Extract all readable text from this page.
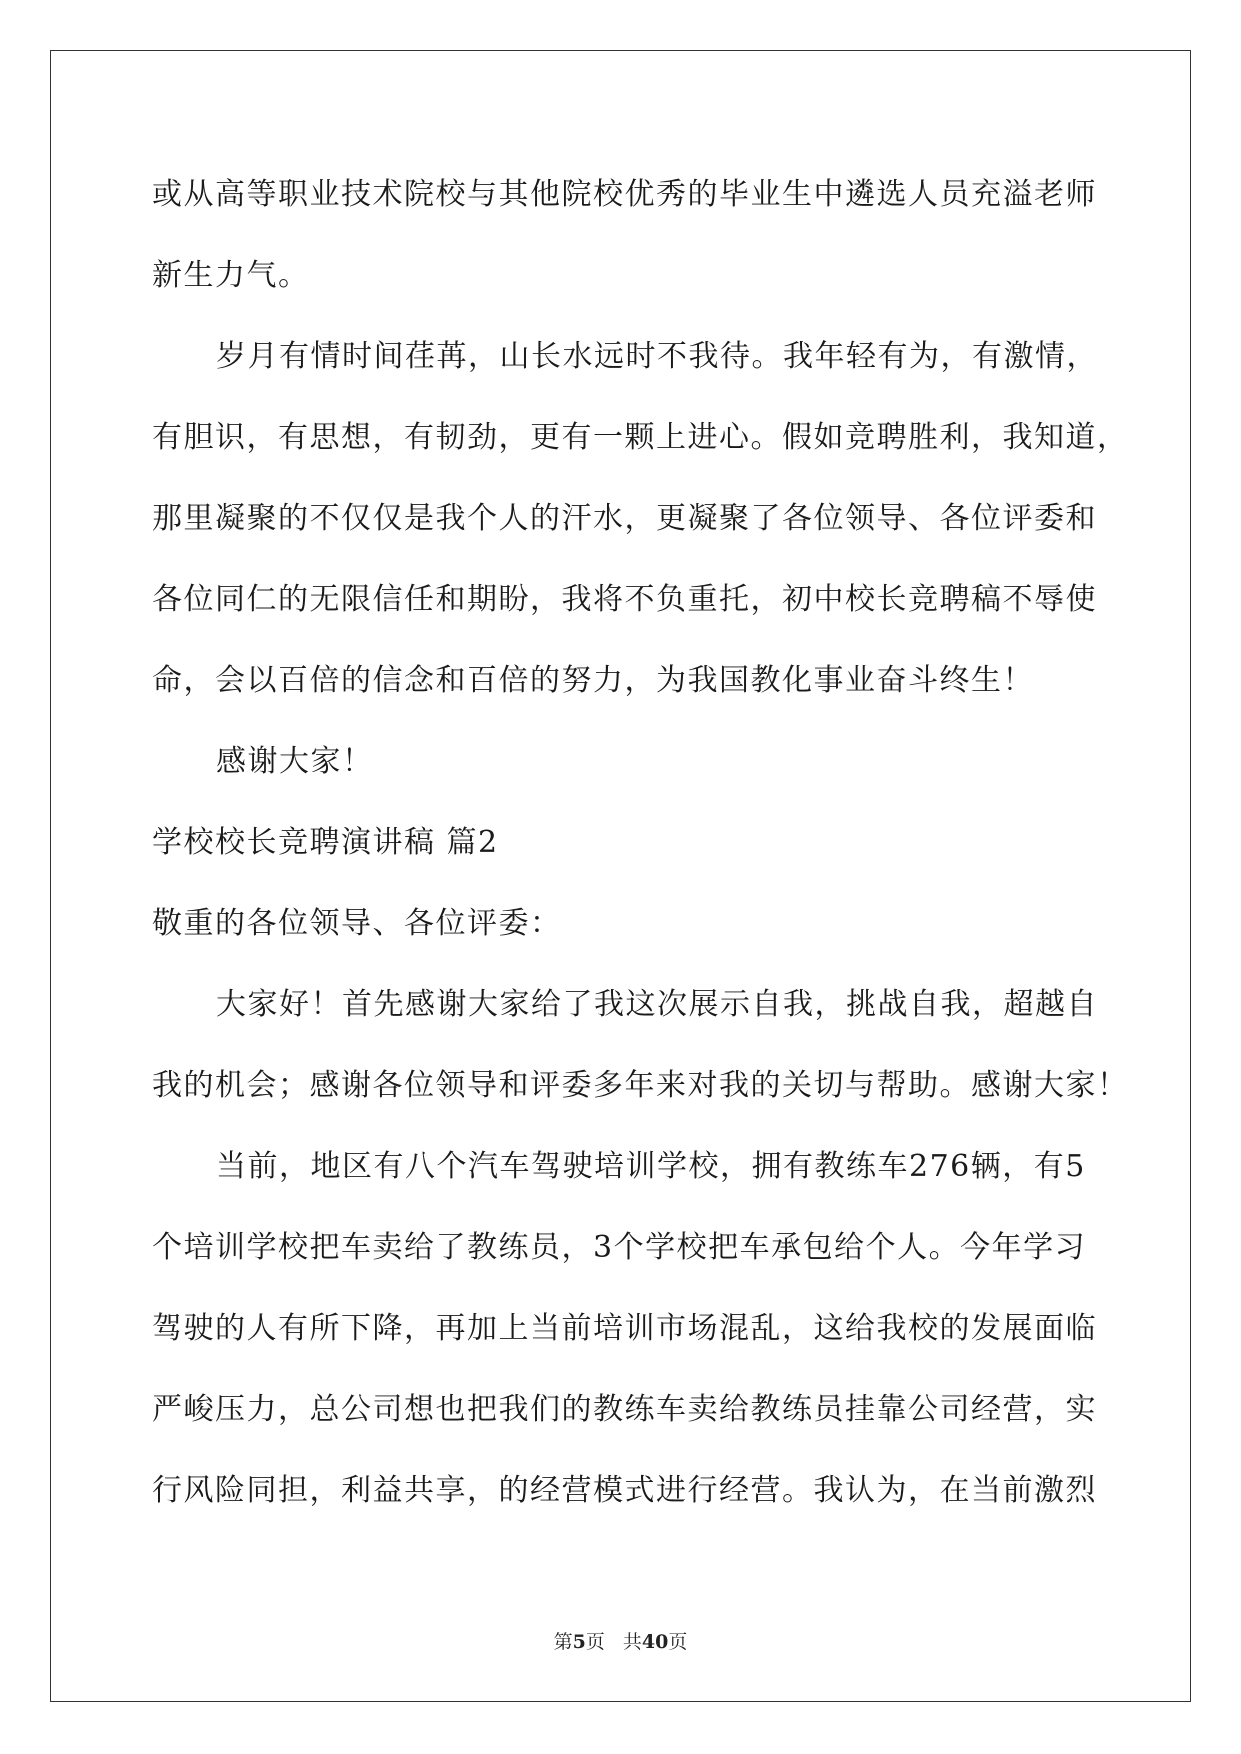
或从高等职业技术院校与其他院校优秀的毕业生中遴选人员充溢老师
新生力气。
岁月有情时间荏苒，山长水远时不我待。我年轻有为，有激情，
有胆识，有思想，有韧劲，更有一颗上进心。假如竞聘胜利，我知道，
那里凝聚的不仅仅是我个人的汗水，更凝聚了各位领导、各位评委和
各位同仁的无限信任和期盼，我将不负重托，初中校长竞聘稿不辱使
命，会以百倍的信念和百倍的努力，为我国教化事业奋斗终生！
感谢大家！
学校校长竞聘演讲稿 篇2
敬重的各位领导、各位评委：
大家好！首先感谢大家给了我这次展示自我，挑战自我，超越自
我的机会；感谢各位领导和评委多年来对我的关切与帮助。感谢大家！
当前，地区有八个汽车驾驶培训学校，拥有教练车276辆，有5
个培训学校把车卖给了教练员，3个学校把车承包给个人。今年学习
驾驶的人有所下降，再加上当前培训市场混乱，这给我校的发展面临
严峻压力，总公司想也把我们的教练车卖给教练员挂靠公司经营，实
行风险同担，利益共享，的经营模式进行经营。我认为，在当前激烈
第5页 共40页
